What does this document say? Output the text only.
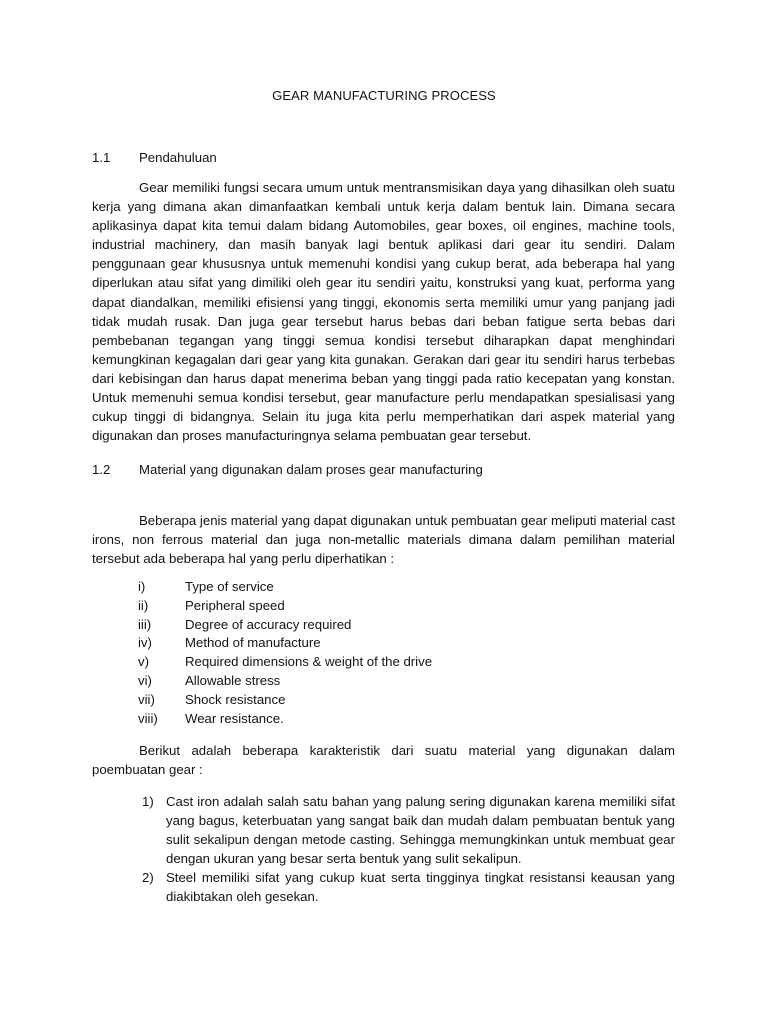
GEAR MANUFACTURING PROCESS
1.1 Pendahuluan

Gear memiliki fungsi secara umum untuk mentransmisikan daya yang dihasilkan oleh suatu kerja yang dimana akan dimanfaatkan kembali untuk kerja dalam bentuk lain. Dimana secara aplikasinya dapat kita temui dalam bidang Automobiles, gear boxes, oil engines, machine tools, industrial machinery, dan masih banyak lagi bentuk aplikasi dari gear itu sendiri. Dalam penggunaan gear khususnya untuk memenuhi kondisi yang cukup berat, ada beberapa hal yang diperlukan atau sifat yang dimiliki oleh gear itu sendiri yaitu, konstruksi yang kuat, performa yang dapat diandalkan, memiliki efisiensi yang tinggi, ekonomis serta memiliki umur yang panjang jadi tidak mudah rusak. Dan juga gear tersebut harus bebas dari beban fatigue serta bebas dari pembebanan tegangan yang tinggi semua kondisi tersebut diharapkan dapat menghindari kemungkinan kegagalan dari gear yang kita gunakan. Gerakan dari gear itu sendiri harus terbebas dari kebisingan dan harus dapat menerima beban yang tinggi pada ratio kecepatan yang konstan. Untuk memenuhi semua kondisi tersebut, gear manufacture perlu mendapatkan spesialisasi yang cukup tinggi di bidangnya. Selain itu juga kita perlu memperhatikan dari aspek material yang digunakan dan proses manufacturingnya selama pembuatan gear tersebut.

1.2 Material yang digunakan dalam proses gear manufacturing

Beberapa jenis material yang dapat digunakan untuk pembuatan gear meliputi material cast irons, non ferrous material dan juga non-metallic materials dimana dalam pemilihan material tersebut ada beberapa hal yang perlu diperhatikan :

i)	Type of service
ii)	Peripheral speed
iii)	Degree of accuracy required
iv)	Method of manufacture
v)	Required dimensions & weight of the drive
vi)	Allowable stress
vii) Shock resistance
viii) Wear resistance.

Berikut adalah beberapa karakteristik dari suatu material yang digunakan dalam poembuatan gear :

1) Cast iron adalah salah satu bahan yang palung sering digunakan karena memiliki sifat yang bagus, keterbuatan yang sangat baik dan mudah dalam pembuatan bentuk yang sulit sekalipun dengan metode casting. Sehingga memungkinkan untuk membuat gear dengan ukuran yang besar serta bentuk yang sulit sekalipun.
2) Steel memiliki sifat yang cukup kuat serta tingginya tingkat resistansi keausan yang diakibtakan oleh gesekan.
